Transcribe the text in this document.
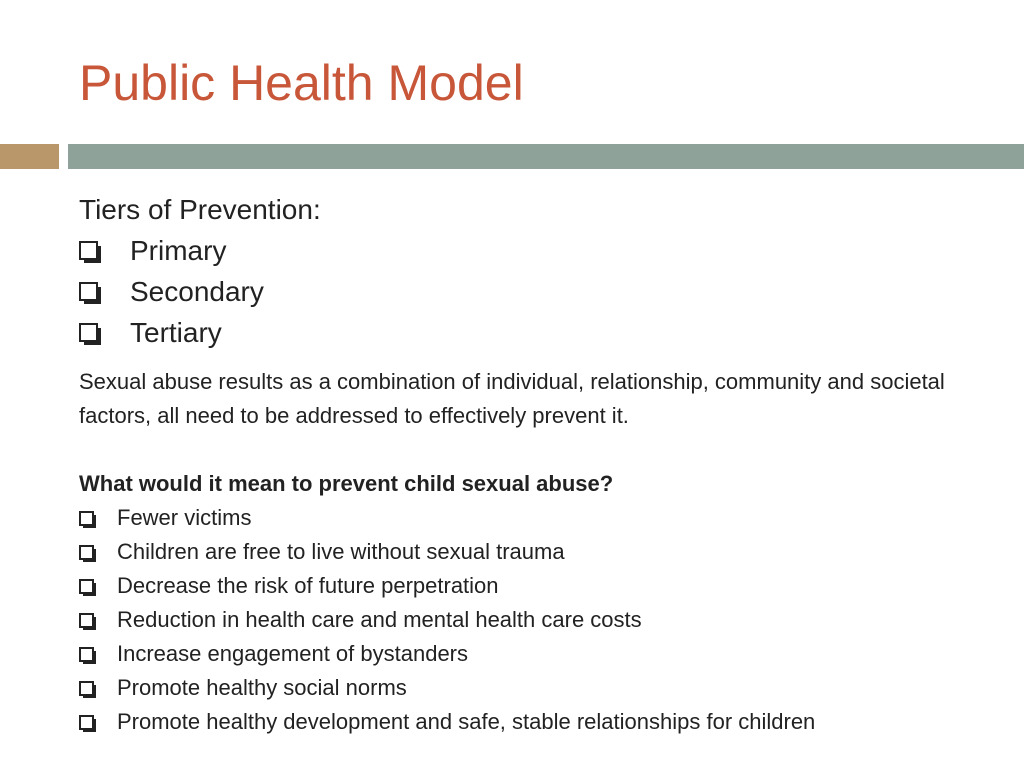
Public Health Model
Tiers of Prevention:
Primary
Secondary
Tertiary
Sexual abuse results as a combination of individual, relationship, community and societal factors, all need to be addressed to effectively prevent it.
What would it mean to prevent child sexual abuse?
Fewer victims
Children are free to live without sexual trauma
Decrease the risk of future perpetration
Reduction in health care and mental health care costs
Increase engagement of bystanders
Promote healthy social norms
Promote healthy development and safe, stable relationships for children
